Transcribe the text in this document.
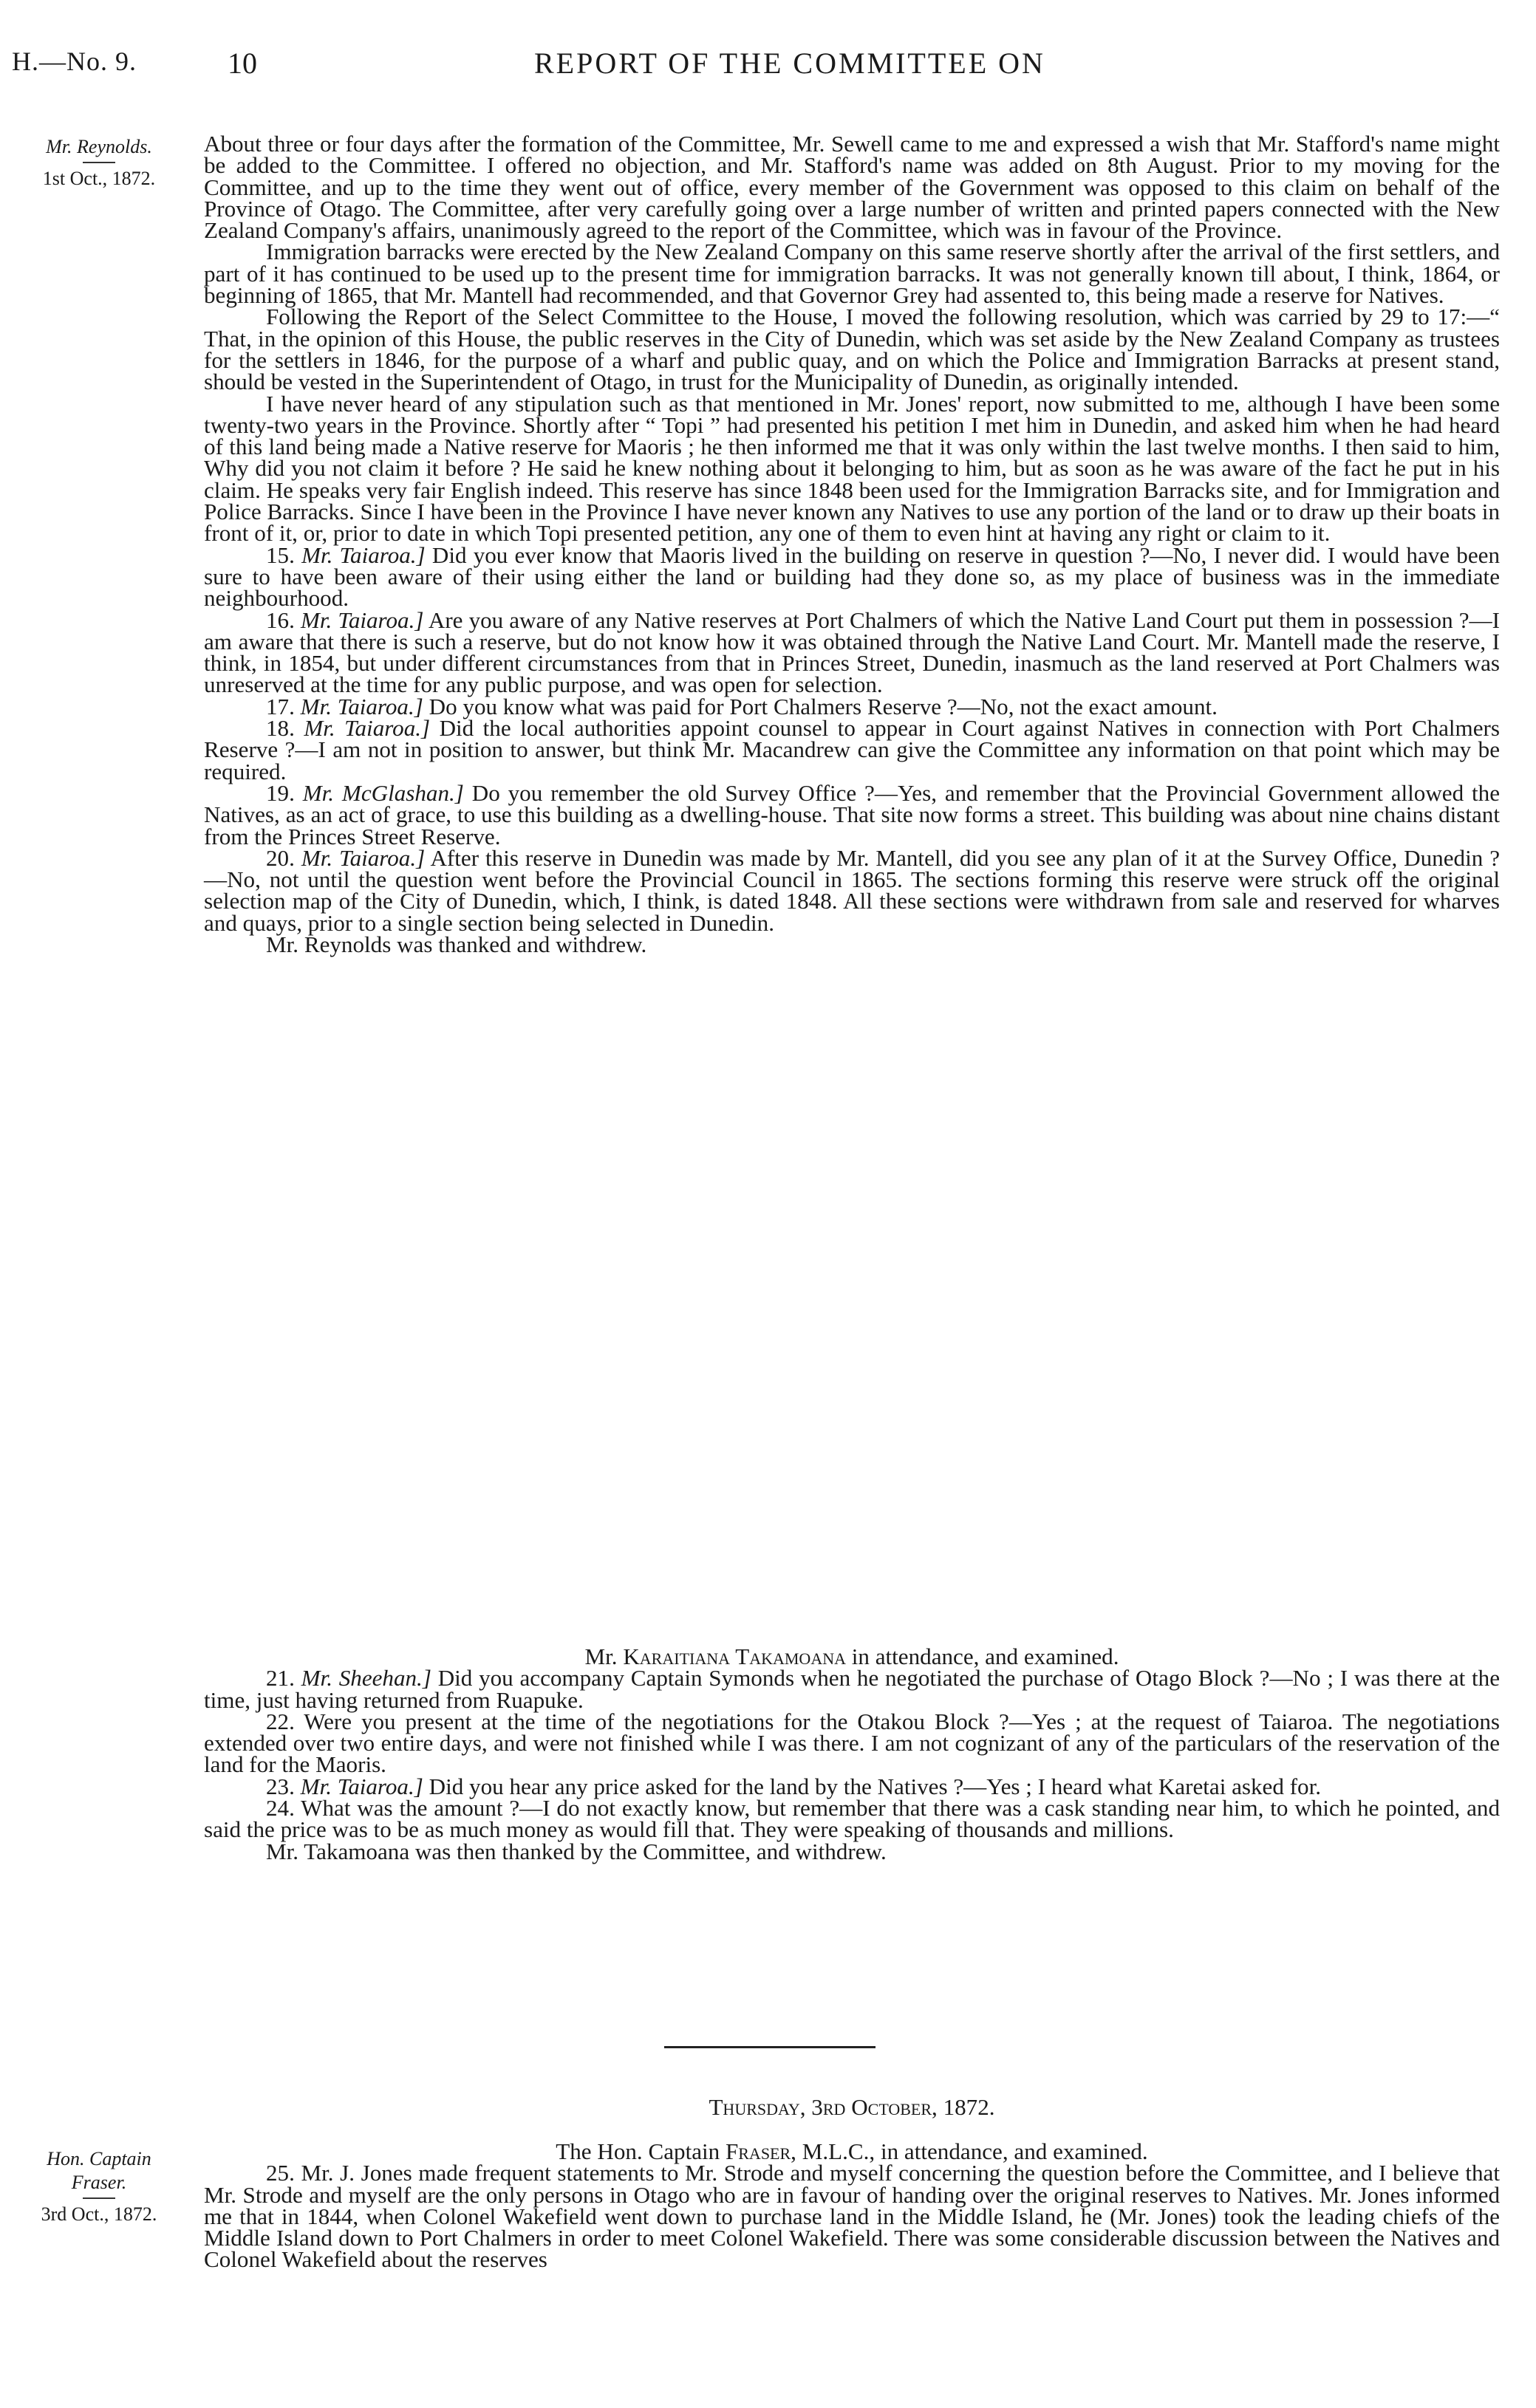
H.—No. 9.	10	REPORT OF THE COMMITTEE ON
Mr. Reynolds.
1st Oct., 1872.

About three or four days after the formation of the Committee, Mr. Sewell came to me and expressed a wish that Mr. Stafford's name might be added to the Committee. I offered no objection, and Mr. Stafford's name was added on 8th August. Prior to my moving for the Committee, and up to the time they went out of office, every member of the Government was opposed to this claim on behalf of the Province of Otago. The Committee, after very carefully going over a large number of written and printed papers connected with the New Zealand Company's affairs, unanimously agreed to the report of the Committee, which was in favour of the Province.

Immigration barracks were erected by the New Zealand Company on this same reserve shortly after the arrival of the first settlers, and part of it has continued to be used up to the present time for immigration barracks. It was not generally known till about, I think, 1864, or beginning of 1865, that Mr. Mantell had recommended, and that Governor Grey had assented to, this being made a reserve for Natives.

Following the Report of the Select Committee to the House, I moved the following resolution, which was carried by 29 to 17:—“ That, in the opinion of this House, the public reserves in the City of Dunedin, which was set aside by the New Zealand Company as trustees for the settlers in 1846, for the purpose of a wharf and public quay, and on which the Police and Immigration Barracks at present stand, should be vested in the Superintendent of Otago, in trust for the Municipality of Dunedin, as originally intended.

I have never heard of any stipulation such as that mentioned in Mr. Jones' report, now submitted to me, although I have been some twenty-two years in the Province. Shortly after “ Topi ” had presented his petition I met him in Dunedin, and asked him when he had heard of this land being made a Native reserve for Maoris ; he then informed me that it was only within the last twelve months. I then said to him, Why did you not claim it before ? He said he knew nothing about it belonging to him, but as soon as he was aware of the fact he put in his claim. He speaks very fair English indeed. This reserve has since 1848 been used for the Immigration Barracks site, and for Immigration and Police Barracks. Since I have been in the Province I have never known any Natives to use any portion of the land or to draw up their boats in front of it, or, prior to date in which Topi presented petition, any one of them to even hint at having any right or claim to it.

15. Mr. Taiaroa.] Did you ever know that Maoris lived in the building on reserve in question ?—No, I never did. I would have been sure to have been aware of their using either the land or building had they done so, as my place of business was in the immediate neighbourhood.

16. Mr. Taiaroa.] Are you aware of any Native reserves at Port Chalmers of which the Native Land Court put them in possession ?—I am aware that there is such a reserve, but do not know how it was obtained through the Native Land Court. Mr. Mantell made the reserve, I think, in 1854, but under different circumstances from that in Princes Street, Dunedin, inasmuch as the land reserved at Port Chalmers was unreserved at the time for any public purpose, and was open for selection.

17. Mr. Taiaroa.] Do you know what was paid for Port Chalmers Reserve ?—No, not the exact amount.

18. Mr. Taiaroa.] Did the local authorities appoint counsel to appear in Court against Natives in connection with Port Chalmers Reserve ?—I am not in position to answer, but think Mr. Macandrew can give the Committee any information on that point which may be required.

19. Mr. McGlashan.] Do you remember the old Survey Office ?—Yes, and remember that the Provincial Government allowed the Natives, as an act of grace, to use this building as a dwelling-house. That site now forms a street. This building was about nine chains distant from the Princes Street Reserve.

20. Mr. Taiaroa.] After this reserve in Dunedin was made by Mr. Mantell, did you see any plan of it at the Survey Office, Dunedin ?—No, not until the question went before the Provincial Council in 1865. The sections forming this reserve were struck off the original selection map of the City of Dunedin, which, I think, is dated 1848. All these sections were withdrawn from sale and reserved for wharves and quays, prior to a single section being selected in Dunedin.

Mr. Reynolds was thanked and withdrew.

Mr. Karaitiana Takamoana in attendance, and examined.

21. Mr. Sheehan.] Did you accompany Captain Symonds when he negotiated the purchase of Otago Block ?—No ; I was there at the time, just having returned from Ruapuke.

22. Were you present at the time of the negotiations for the Otakou Block ?—Yes ; at the request of Taiaroa. The negotiations extended over two entire days, and were not finished while I was there. I am not cognizant of any of the particulars of the reservation of the land for the Maoris.

23. Mr. Taiaroa.] Did you hear any price asked for the land by the Natives ?—Yes ; I heard what Karetai asked for.

24. What was the amount ?—I do not exactly know, but remember that there was a cask standing near him, to which he pointed, and said the price was to be as much money as would fill that. They were speaking of thousands and millions.

Mr. Takamoana was then thanked by the Committee, and withdrew.

Thursday, 3rd October, 1872.

Hon. Captain
Fraser.
3rd Oct., 1872.

The Hon. Captain Fraser, M.L.C., in attendance, and examined.

25. Mr. J. Jones made frequent statements to Mr. Strode and myself concerning the question before the Committee, and I believe that Mr. Strode and myself are the only persons in Otago who are in favour of handing over the original reserves to Natives. Mr. Jones informed me that in 1844, when Colonel Wakefield went down to purchase land in the Middle Island, he (Mr. Jones) took the leading chiefs of the Middle Island down to Port Chalmers in order to meet Colonel Wakefield. There was some considerable discussion between the Natives and Colonel Wakefield about the reserves
